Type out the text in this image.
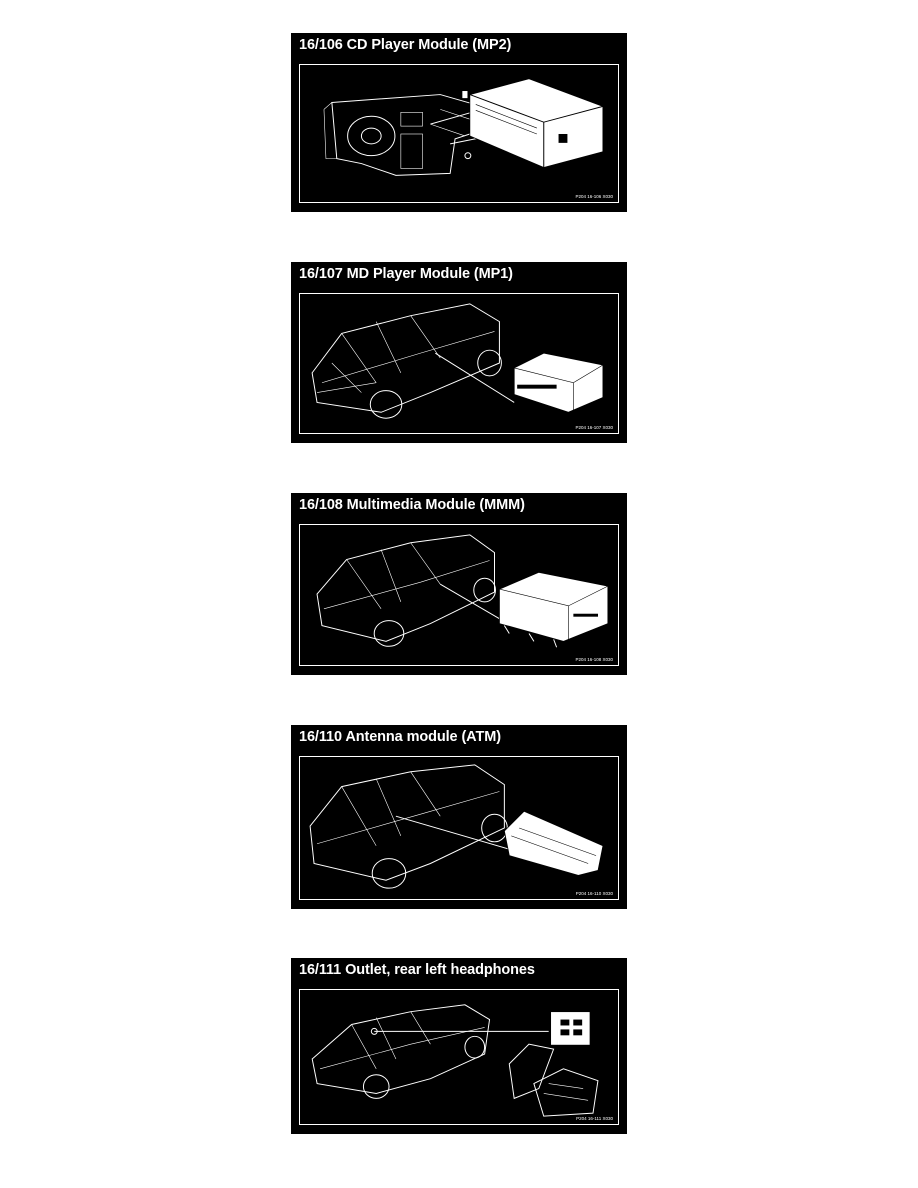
16/106 CD Player Module (MP2)
P204 16-106 X030
16/107 MD Player Module (MP1)
P204 16-107 X030
16/108 Multimedia Module (MMM)
P204 16-108 X030
16/110 Antenna module (ATM)
P204 16-110 X030
16/111 Outlet, rear left headphones
P204 16-111 X030
